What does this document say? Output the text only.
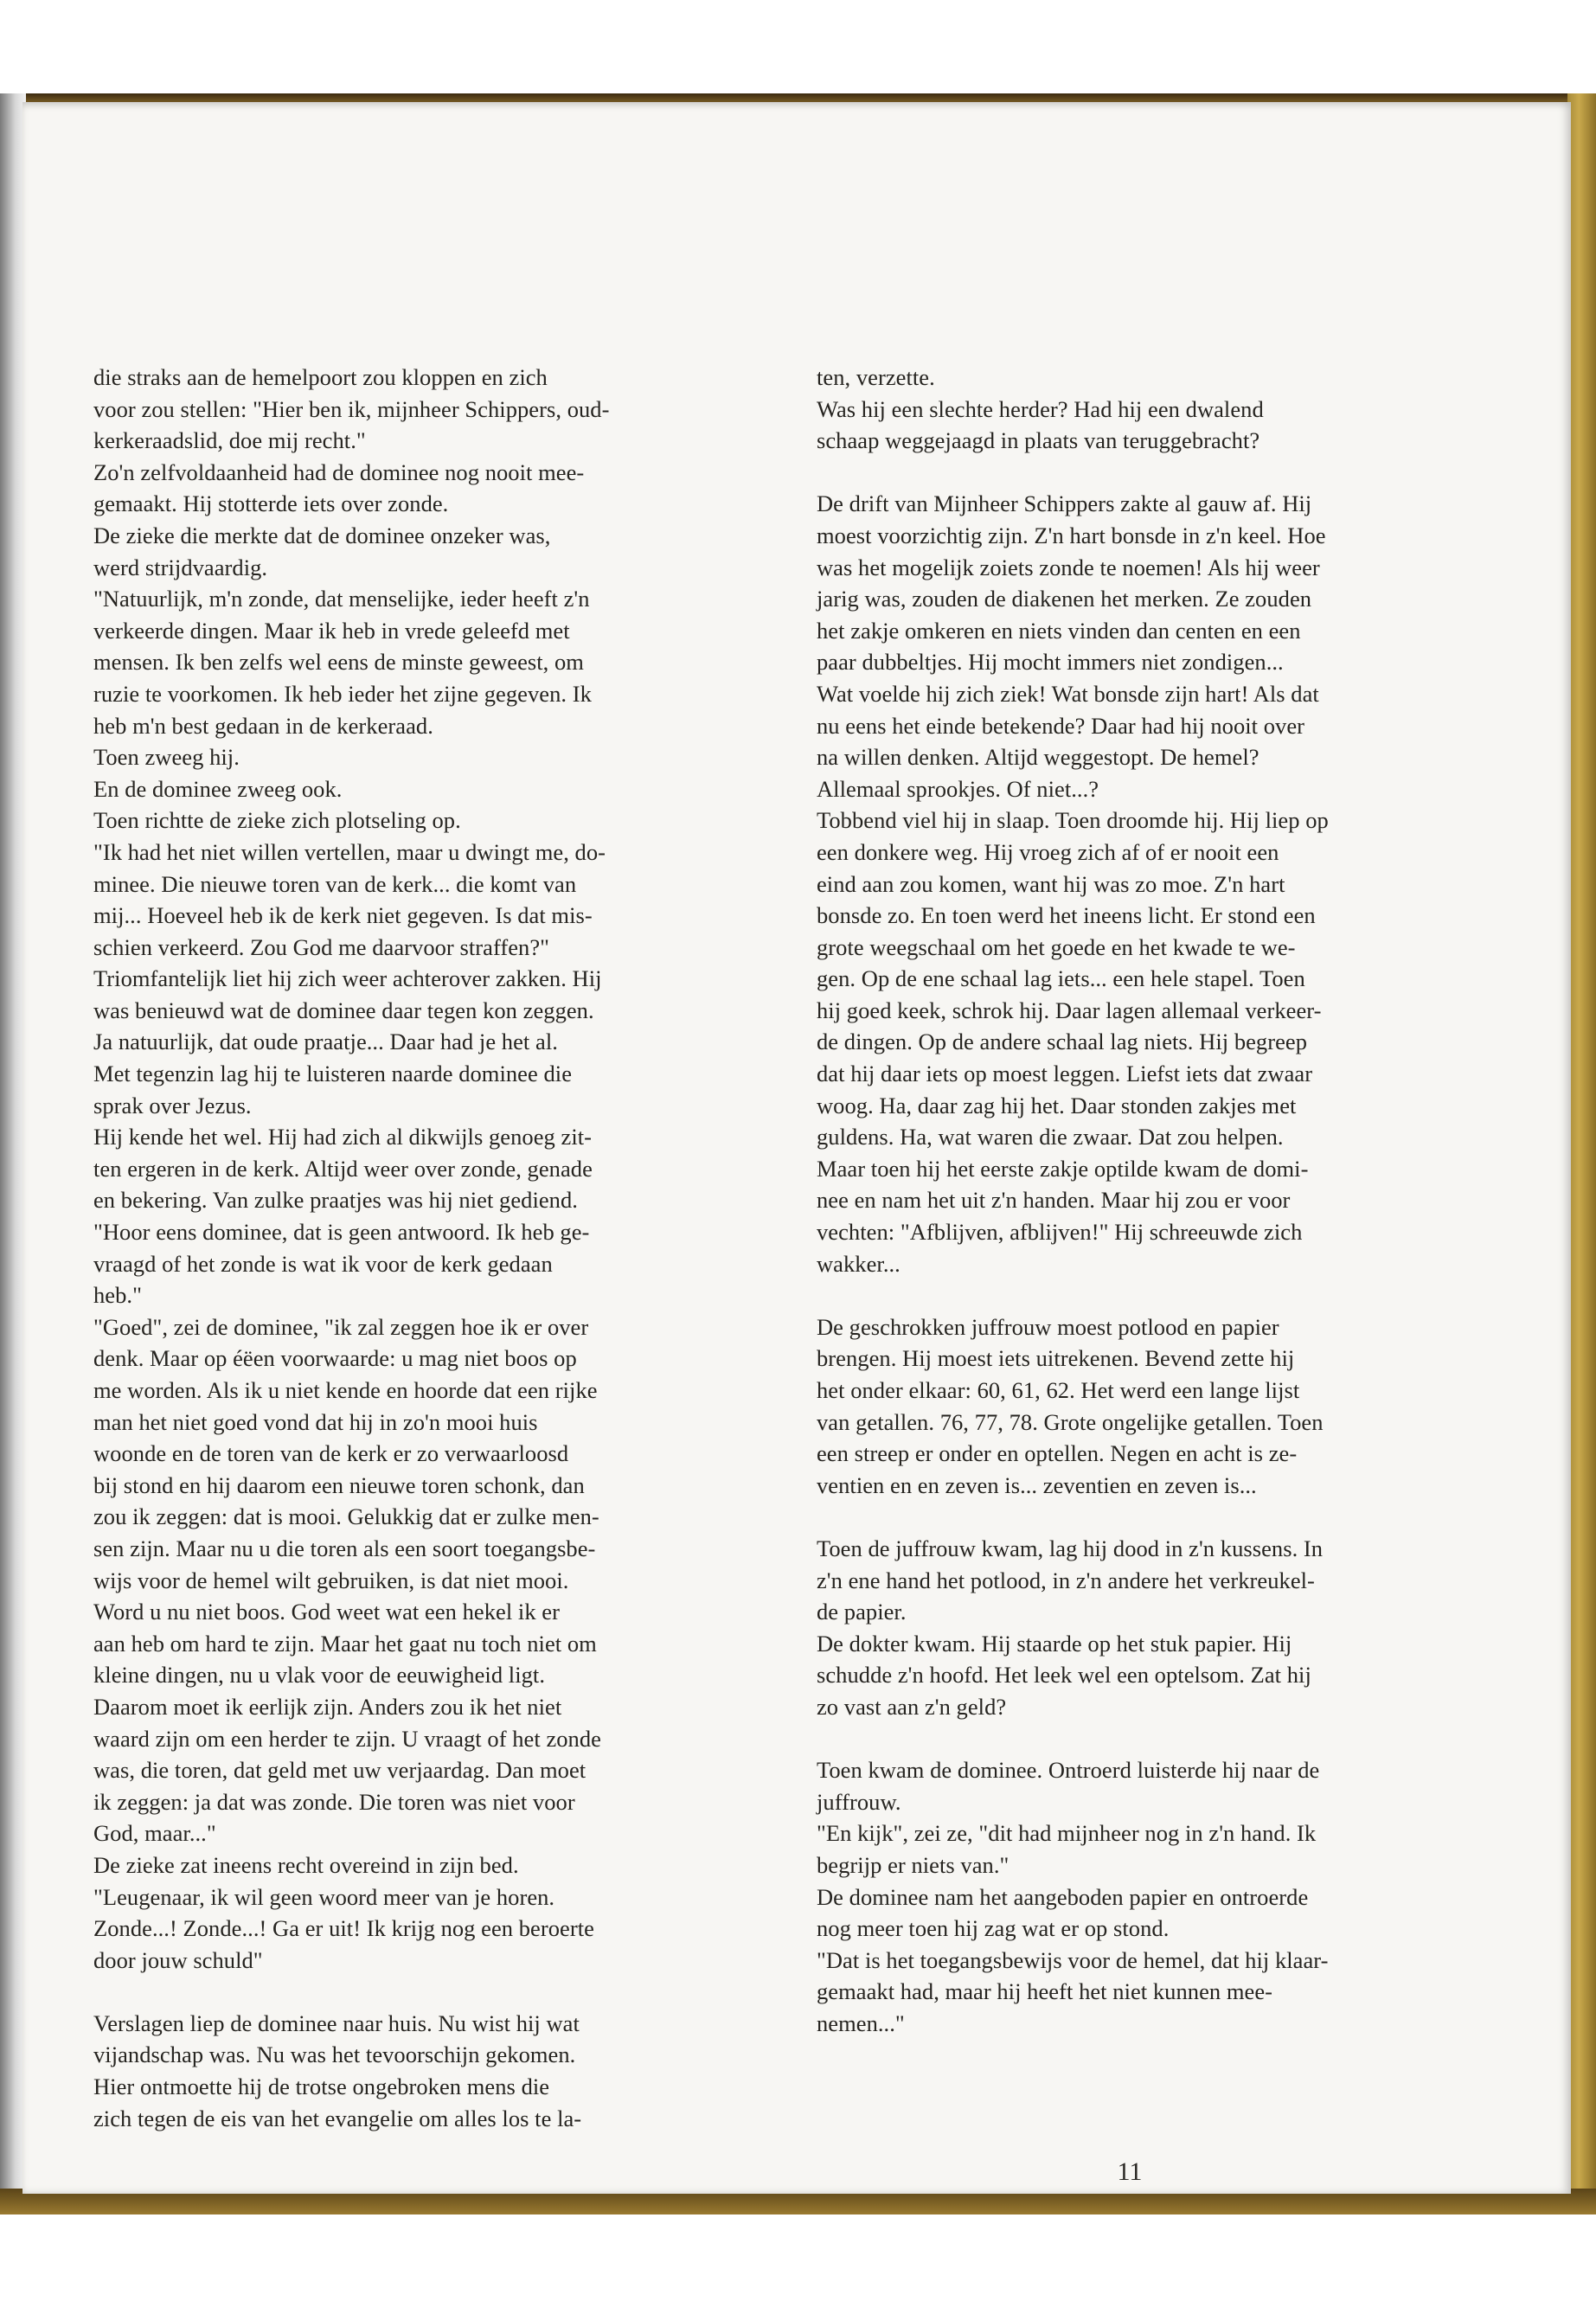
die straks aan de hemelpoort zou kloppen en zich
voor zou stellen: "Hier ben ik, mijnheer Schippers, oud-
kerkeraadslid, doe mij recht."

Zo'n zelfvoldaanheid had de dominee nog nooit mee-
gemaakt. Hij stotterde iets over zonde.

De zieke die merkte dat de dominee onzeker was,
werd strijdvaardig.

"Natuurlijk, m'n zonde, dat menselijke, ieder heeft z'n
verkeerde dingen. Maar ik heb in vrede geleefd met
mensen. Ik ben zelfs wel eens de minste geweest, om
ruzie te voorkomen. Ik heb ieder het zijne gegeven. Ik
heb m'n best gedaan in de kerkeraad.

Toen zweeg hij.

En de dominee zweeg ook.

Toen richtte de zieke zich plotseling op.

"Ik had het niet willen vertellen, maar u dwingt me, do-
minee. Die nieuwe toren van de kerk... die komt van
mij... Hoeveel heb ik de kerk niet gegeven. Is dat mis-
schien verkeerd. Zou God me daarvoor straffen?"

Triomfantelijk liet hij zich weer achterover zakken. Hij
was benieuwd wat de dominee daar tegen kon zeggen.

Ja natuurlijk, dat oude praatje... Daar had je het al.

Met tegenzin lag hij te luisteren naarde dominee die
sprak over Jezus.

Hij kende het wel. Hij had zich al dikwijls genoeg zit-
ten ergeren in de kerk. Altijd weer over zonde, genade
en bekering. Van zulke praatjes was hij niet gediend.

"Hoor eens dominee, dat is geen antwoord. Ik heb ge-
vraagd of het zonde is wat ik voor de kerk gedaan
heb."

"Goed", zei de dominee, "ik zal zeggen hoe ik er over
denk. Maar op éëen voorwaarde: u mag niet boos op
me worden. Als ik u niet kende en hoorde dat een rijke
man het niet goed vond dat hij in zo'n mooi huis
woonde en de toren van de kerk er zo verwaarloosd
bij stond en hij daarom een nieuwe toren schonk, dan
zou ik zeggen: dat is mooi. Gelukkig dat er zulke men-
sen zijn. Maar nu u die toren als een soort toegangsbe-
wijs voor de hemel wilt gebruiken, is dat niet mooi.
Word u nu niet boos. God weet wat een hekel ik er
aan heb om hard te zijn. Maar het gaat nu toch niet om
kleine dingen, nu u vlak voor de eeuwigheid ligt.
Daarom moet ik eerlijk zijn. Anders zou ik het niet
waard zijn om een herder te zijn. U vraagt of het zonde
was, die toren, dat geld met uw verjaardag. Dan moet
ik zeggen: ja dat was zonde. Die toren was niet voor
God, maar..."

De zieke zat ineens recht overeind in zijn bed.

"Leugenaar, ik wil geen woord meer van je horen.
Zonde...! Zonde...! Ga er uit! Ik krijg nog een beroerte
door jouw schuld"

Verslagen liep de dominee naar huis. Nu wist hij wat
vijandschap was. Nu was het tevoorschijn gekomen.
Hier ontmoette hij de trotse ongebroken mens die
zich tegen de eis van het evangelie om alles los te la-

ten, verzette.

Was hij een slechte herder? Had hij een dwalend
schaap weggejaagd in plaats van teruggebracht?

De drift van Mijnheer Schippers zakte al gauw af. Hij
moest voorzichtig zijn. Z'n hart bonsde in z'n keel. Hoe
was het mogelijk zoiets zonde te noemen! Als hij weer
jarig was, zouden de diakenen het merken. Ze zouden
het zakje omkeren en niets vinden dan centen en een
paar dubbeltjes. Hij mocht immers niet zondigen...

Wat voelde hij zich ziek! Wat bonsde zijn hart! Als dat
nu eens het einde betekende? Daar had hij nooit over
na willen denken. Altijd weggestopt. De hemel?

Allemaal sprookjes. Of niet...?

Tobbend viel hij in slaap. Toen droomde hij. Hij liep op
een donkere weg. Hij vroeg zich af of er nooit een
eind aan zou komen, want hij was zo moe. Z'n hart
bonsde zo. En toen werd het ineens licht. Er stond een
grote weegschaal om het goede en het kwade te we-
gen. Op de ene schaal lag iets... een hele stapel. Toen
hij goed keek, schrok hij. Daar lagen allemaal verkeer-
de dingen. Op de andere schaal lag niets. Hij begreep
dat hij daar iets op moest leggen. Liefst iets dat zwaar
woog. Ha, daar zag hij het. Daar stonden zakjes met
guldens. Ha, wat waren die zwaar. Dat zou helpen.
Maar toen hij het eerste zakje optilde kwam de domi-
nee en nam het uit z'n handen. Maar hij zou er voor
vechten: "Afblijven, afblijven!" Hij schreeuwde zich
wakker...

De geschrokken juffrouw moest potlood en papier
brengen. Hij moest iets uitrekenen. Bevend zette hij
het onder elkaar: 60, 61, 62. Het werd een lange lijst
van getallen. 76, 77, 78. Grote ongelijke getallen. Toen
een streep er onder en optellen. Negen en acht is ze-
ventien en en zeven is... zeventien en zeven is...

Toen de juffrouw kwam, lag hij dood in z'n kussens. In
z'n ene hand het potlood, in z'n andere het verkreukel-
de papier.

De dokter kwam. Hij staarde op het stuk papier. Hij
schudde z'n hoofd. Het leek wel een optelsom. Zat hij
zo vast aan z'n geld?

Toen kwam de dominee. Ontroerd luisterde hij naar de
juffrouw.

"En kijk", zei ze, "dit had mijnheer nog in z'n hand. Ik
begrijp er niets van."

De dominee nam het aangeboden papier en ontroerde
nog meer toen hij zag wat er op stond.

"Dat is het toegangsbewijs voor de hemel, dat hij klaar-
gemaakt had, maar hij heeft het niet kunnen mee-
nemen..."

11
